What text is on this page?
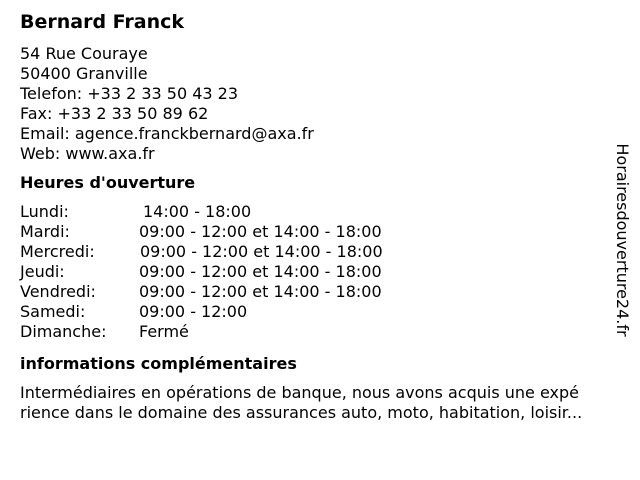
Bernard Franck
54 Rue Couraye
50400 Granville
Telefon: +33 2 33 50 43 23
Fax: +33 2 33 50 89 62
Email: agence.franckbernard@axa.fr
Web: www.axa.fr
Heures d'ouverture
Lundi:	14:00 - 18:00
Mardi:	09:00 - 12:00 et 14:00 - 18:00
Mercredi:	09:00 - 12:00 et 14:00 - 18:00
Jeudi:	09:00 - 12:00 et 14:00 - 18:00
Vendredi:	09:00 - 12:00 et 14:00 - 18:00
Samedi:	09:00 - 12:00
Dimanche:	Fermé
informations complémentaires
Intermédiaires en opérations de banque, nous avons acquis une expé
rience dans le domaine des assurances auto, moto, habitation, loisir...
Horairesdouverture24.fr
